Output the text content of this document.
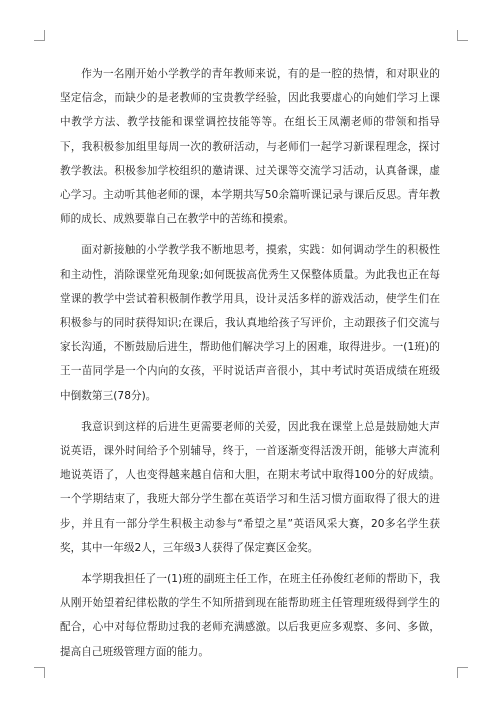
作为一名刚开始小学教学的青年教师来说，有的是一腔的热情，和对职业的坚定信念，而缺少的是老教师的宝贵教学经验，因此我要虚心的向她们学习上课中教学方法、教学技能和课堂调控技能等等。在组长王凤潮老师的带领和指导下，我积极参加组里每周一次的教研活动，与老师们一起学习新课程理念，探讨教学教法。积极参加学校组织的邀请课、过关课等交流学习活动，认真备课，虚心学习。主动听其他老师的课，本学期共写50余篇听课记录与课后反思。青年教师的成长、成熟要靠自己在教学中的苦练和摸索。

面对新接触的小学教学我不断地思考，摸索，实践：如何调动学生的积极性和主动性，消除课堂死角现象;如何既拔高优秀生又保整体质量。为此我也正在每堂课的教学中尝试着积极制作教学用具，设计灵活多样的游戏活动，使学生们在积极参与的同时获得知识;在课后，我认真地给孩子写评价，主动跟孩子们交流与家长沟通，不断鼓励后进生，帮助他们解决学习上的困难，取得进步。一(1班)的王一苗同学是一个内向的女孩，平时说话声音很小，其中考试时英语成绩在班级中倒数第三(78分)。

我意识到这样的后进生更需要老师的关爱，因此我在课堂上总是鼓励她大声说英语，课外时间给予个别辅导，终于，一首逐渐变得活泼开朗，能够大声流利地说英语了，人也变得越来越自信和大胆，在期末考试中取得100分的好成绩。一个学期结束了，我班大部分学生都在英语学习和生活习惯方面取得了很大的进步，并且有一部分学生积极主动参与“希望之星”英语风采大赛，20多名学生获奖，其中一年级2人，三年级3人获得了保定赛区金奖。

本学期我担任了一(1)班的副班主任工作，在班主任孙俊红老师的帮助下，我从刚开始望着纪律松散的学生不知所措到现在能帮助班主任管理班级得到学生的配合，心中对每位帮助过我的老师充满感激。以后我更应多观察、多问、多做，提高自己班级管理方面的能力。
